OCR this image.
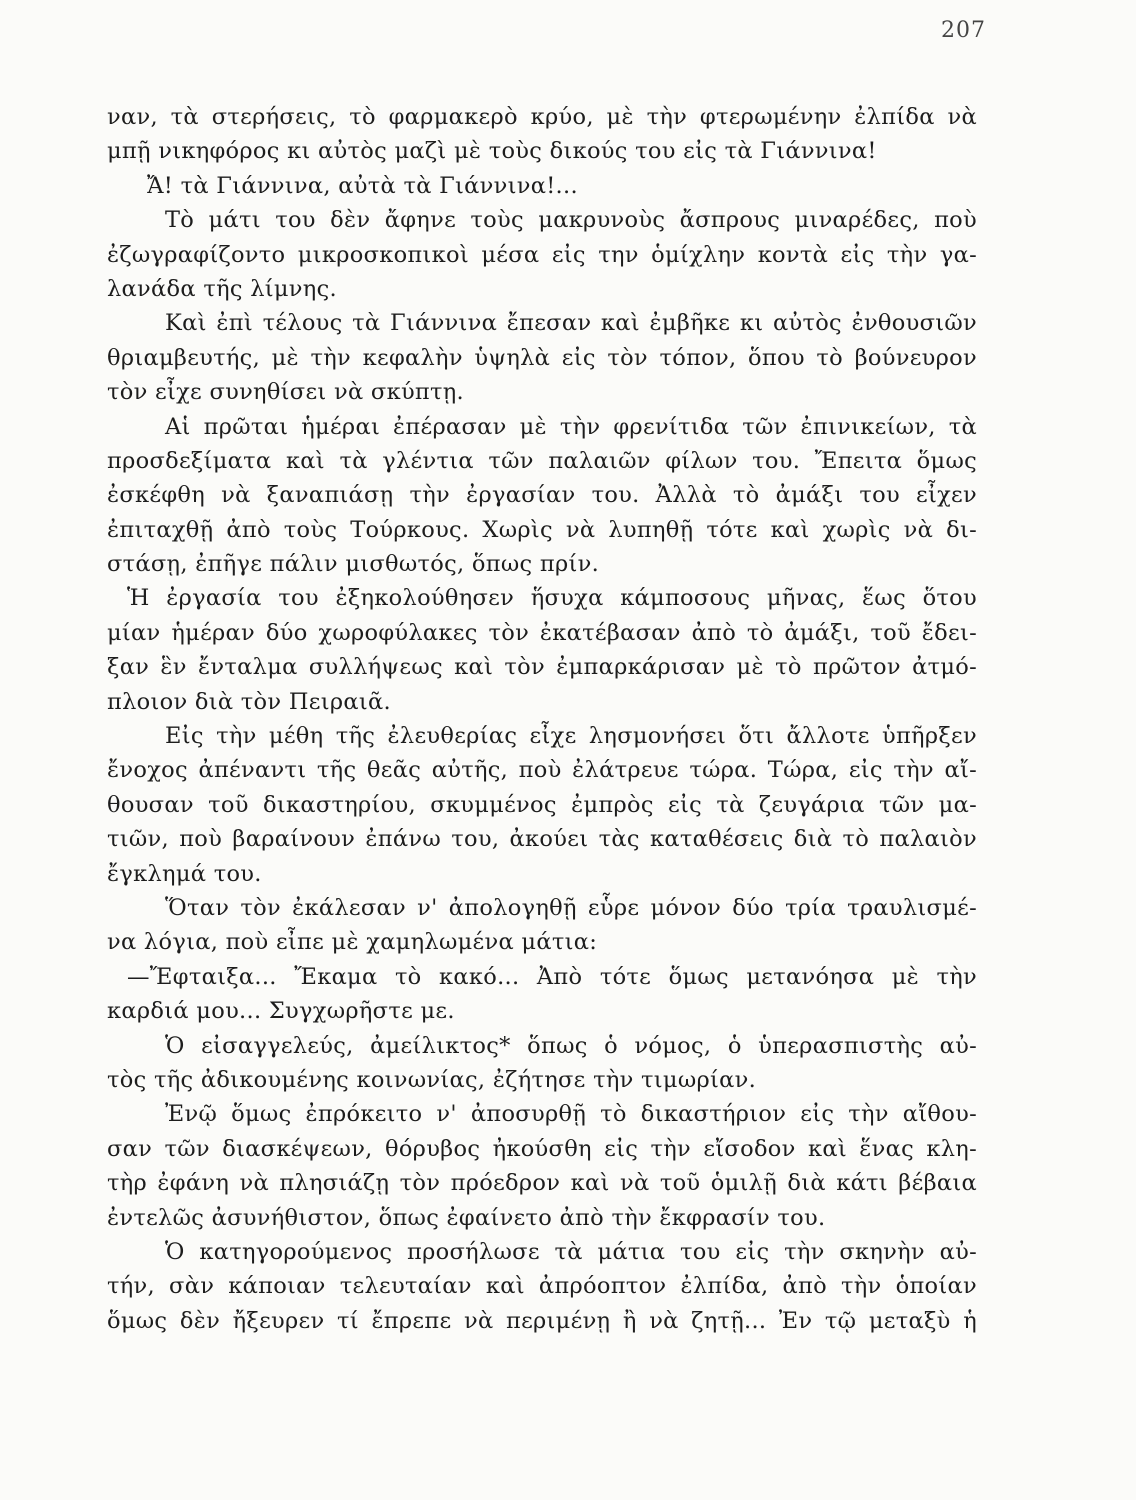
207
ναν, τὰ στερήσεις, τὸ φαρμακερὸ κρύο, μὲ τὴν φτερωμένην ἐλπίδα νὰ
μπῇ νικηφόρος κι αὐτὸς μαζὶ μὲ τοὺς δικούς του εἰς τὰ Γιάννινα!
Ἄ! τὰ Γιάννινα, αὐτὰ τὰ Γιάννινα!...
Τὸ μάτι του δὲν ἄφηνε τοὺς μακρυνοὺς ἄσπρους μιναρέδες, ποὺ
ἐζωγραφίζοντο μικροσκοπικοὶ μέσα εἰς την ὁμίχλην κοντὰ εἰς τὴν γα-
λανάδα τῆς λίμνης.
Καὶ ἐπὶ τέλους τὰ Γιάννινα ἔπεσαν καὶ ἐμβῆκε κι αὐτὸς ἐνθουσιῶν
θριαμβευτής, μὲ τὴν κεφαλὴν ὑψηλὰ εἰς τὸν τόπον, ὅπου τὸ βούνευρον
τὸν εἶχε συνηθίσει νὰ σκύπτῃ.
Αἱ πρῶται ἡμέραι ἐπέρασαν μὲ τὴν φρενίτιδα τῶν ἐπινικείων, τὰ
προσδεξίματα καὶ τὰ γλέντια τῶν παλαιῶν φίλων του. Ἔπειτα ὅμως
ἐσκέφθη νὰ ξαναπιάσῃ τὴν ἐργασίαν του. Ἀλλὰ τὸ ἀμάξι του εἶχεν
ἐπιταχθῇ ἀπὸ τοὺς Τούρκους. Χωρὶς νὰ λυπηθῇ τότε καὶ χωρὶς νὰ δι-
στάσῃ, ἐπῆγε πάλιν μισθωτός, ὅπως πρίν.
Ἡ ἐργασία του ἐξηκολούθησεν ἥσυχα κάμποσους μῆνας, ἕως ὅτου
μίαν ἡμέραν δύο χωροφύλακες τὸν ἐκατέβασαν ἀπὸ τὸ ἀμάξι, τοῦ ἔδει-
ξαν ἓν ἔνταλμα συλλήψεως καὶ τὸν ἐμπαρκάρισαν μὲ τὸ πρῶτον ἀτμό-
πλοιον διὰ τὸν Πειραιᾶ.
Εἰς τὴν μέθη τῆς ἐλευθερίας εἶχε λησμονήσει ὅτι ἄλλοτε ὑπῆρξεν
ἔνοχος ἀπέναντι τῆς θεᾶς αὐτῆς, ποὺ ἐλάτρευε τώρα. Τώρα, εἰς τὴν αἴ-
θουσαν τοῦ δικαστηρίου, σκυμμένος ἐμπρὸς εἰς τὰ ζευγάρια τῶν μα-
τιῶν, ποὺ βαραίνουν ἐπάνω του, ἀκούει τὰς καταθέσεις διὰ τὸ παλαιὸν
ἔγκλημά του.
Ὅταν τὸν ἐκάλεσαν ν' ἀπολογηθῇ εὗρε μόνον δύο τρία τραυλισμέ-
να λόγια, ποὺ εἶπε μὲ χαμηλωμένα μάτια:
—Ἔφταιξα... Ἔκαμα τὸ κακό... Ἀπὸ τότε ὅμως μετανόησα μὲ τὴν
καρδιά μου... Συγχωρῆστε με.
Ὁ εἰσαγγελεύς, ἀμείλικτος* ὅπως ὁ νόμος, ὁ ὑπερασπιστὴς αὐ-
τὸς τῆς ἀδικουμένης κοινωνίας, ἐζήτησε τὴν τιμωρίαν.
Ἐνῷ ὅμως ἐπρόκειτο ν' ἀποσυρθῇ τὸ δικαστήριον εἰς τὴν αἴθου-
σαν τῶν διασκέψεων, θόρυβος ἠκούσθη εἰς τὴν εἴσοδον καὶ ἕνας κλη-
τὴρ ἐφάνη νὰ πλησιάζῃ τὸν πρόεδρον καὶ νὰ τοῦ ὁμιλῇ διὰ κάτι βέβαια
ἐντελῶς ἀσυνήθιστον, ὅπως ἐφαίνετο ἀπὸ τὴν ἔκφρασίν του.
Ὁ κατηγορούμενος προσήλωσε τὰ μάτια του εἰς τὴν σκηνὴν αὐ-
τήν, σὰν κάποιαν τελευταίαν καὶ ἀπρόοπτον ἐλπίδα, ἀπὸ τὴν ὁποίαν
ὅμως δὲν ἤξευρεν τί ἔπρεπε νὰ περιμένῃ ἢ νὰ ζητῇ... Ἐν τῷ μεταξὺ ἡ
